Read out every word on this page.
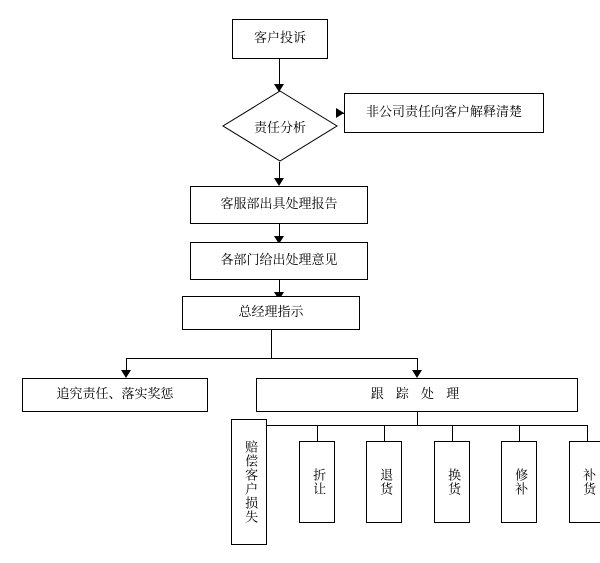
客户投诉
责任分析
非公司责任向客户解释清楚
客服部出具处理报告
各部门给出处理意见
总经理指示
追究责任、落实奖惩	跟 踪 处 理
赔偿客户损失	折让	退货	换货	修补	补货
